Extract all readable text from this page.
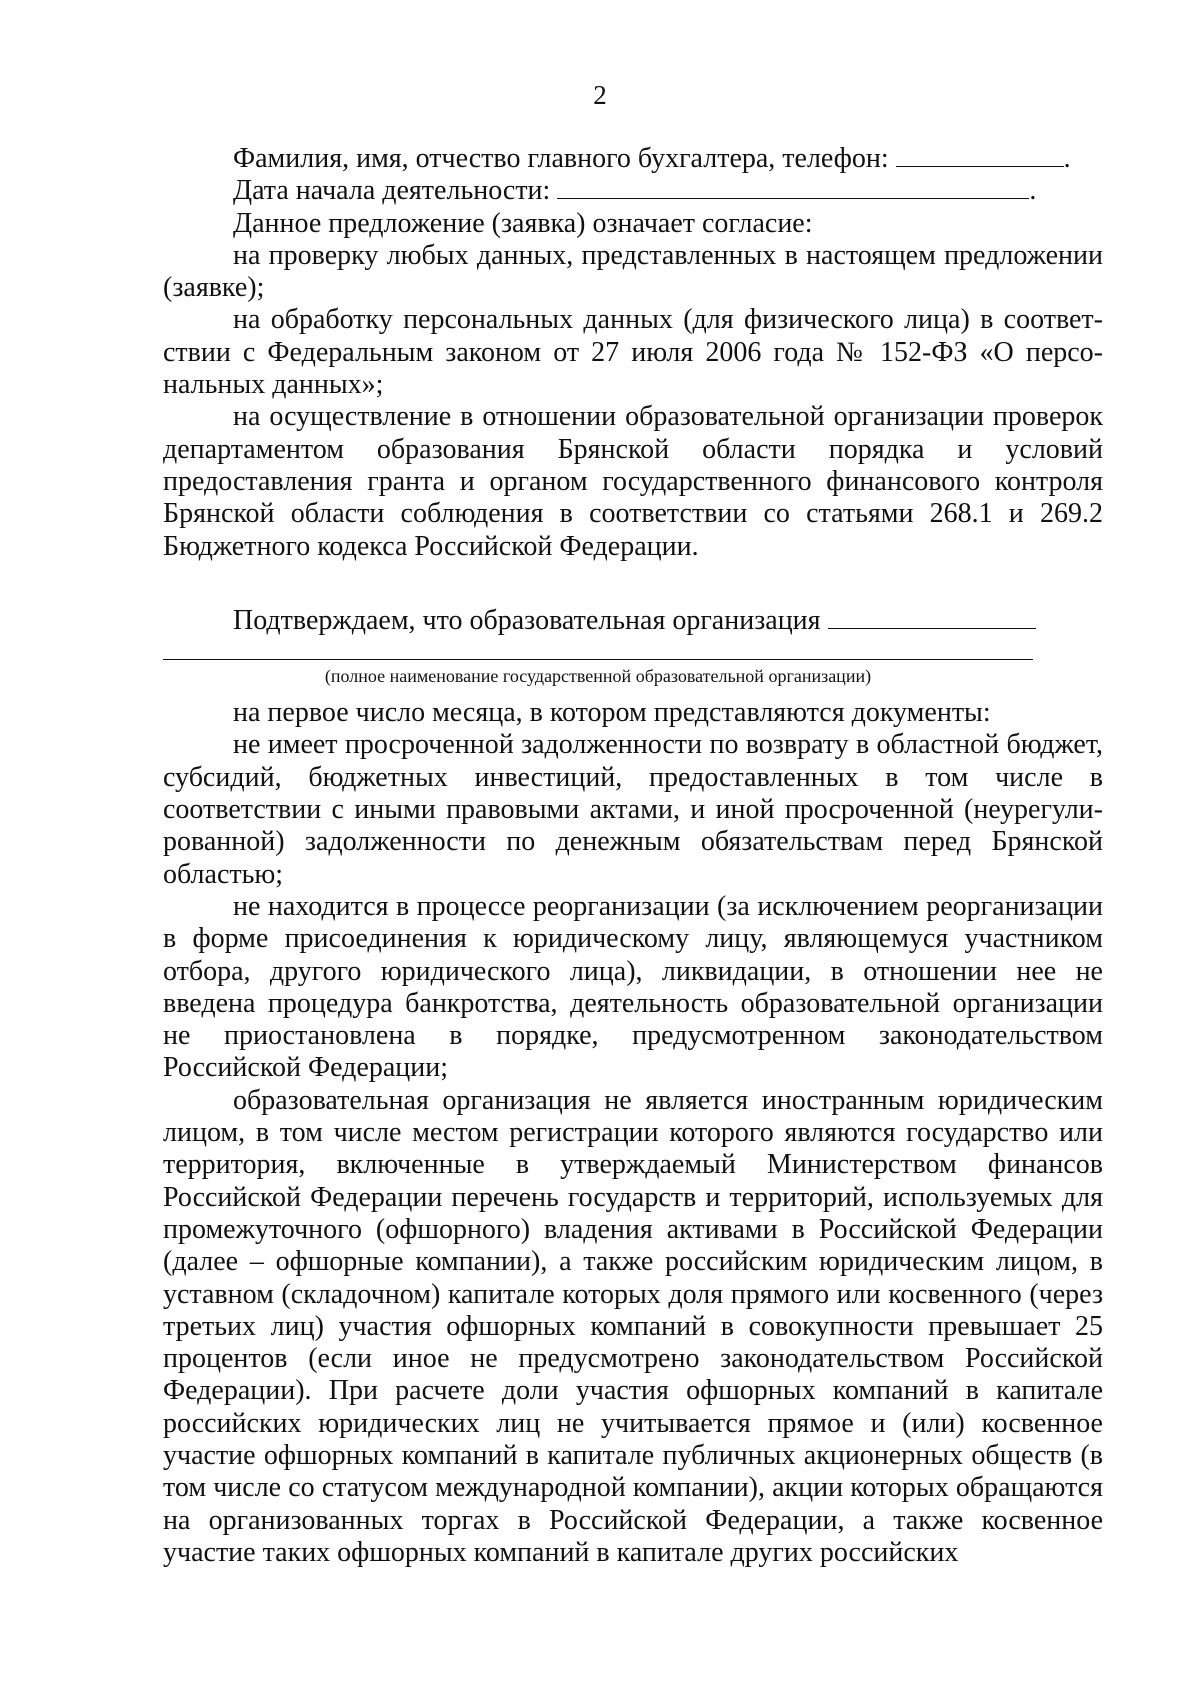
2

Фамилия, имя, отчество главного бухгалтера, телефон:	.

Дата начала деятельности:	.

Данное предложение (заявка) означает согласие:

на проверку любых данных, представленных в настоящем предложении (заявке);

на обработку персональных данных (для физического лица) в соответствии с Федеральным законом от 27 июля 2006 года № 152-ФЗ «О персональных данных»;

на осуществление в отношении образовательной организации проверок департаментом образования Брянской области порядка и условий предоставления гранта и органом государственного финансового контроля Брянской области соблюдения в соответствии со статьями 268.1 и 269.2 Бюджетного кодекса Российской Федерации.

Подтверждаем, что образовательная организация

(полное наименование государственной образовательной организации)

на первое число месяца, в котором представляются документы:

не имеет просроченной задолженности по возврату в областной бюджет, субсидий, бюджетных инвестиций, предоставленных в том числе в соответствии с иными правовыми актами, и иной просроченной (неурегулированной) задолженности по денежным обязательствам перед Брянской областью;

не находится в процессе реорганизации (за исключением реорганизации в форме присоединения к юридическому лицу, являющемуся участником отбора, другого юридического лица), ликвидации, в отношении нее не введена процедура банкротства, деятельность образовательной организации не приостановлена в порядке, предусмотренном законодательством Российской Федерации;

образовательная организация не является иностранным юридическим лицом, в том числе местом регистрации которого являются государство или территория, включенные в утверждаемый Министерством финансов Российской Федерации перечень государств и территорий, используемых для промежуточного (офшорного) владения активами в Российской Федерации (далее – офшорные компании), а также российским юридическим лицом, в уставном (складочном) капитале которых доля прямого или косвенного (через третьих лиц) участия офшорных компаний в совокупности превышает 25 процентов (если иное не предусмотрено законодательством Российской Федерации). При расчете доли участия офшорных компаний в капитале российских юридических лиц не учитывается прямое и (или) косвенное участие офшорных компаний в капитале публичных акционерных обществ (в том числе со статусом международной компании), акции которых обращаются на организованных торгах в Российской Федерации, а также косвенное участие таких офшорных компаний в капитале других российских
